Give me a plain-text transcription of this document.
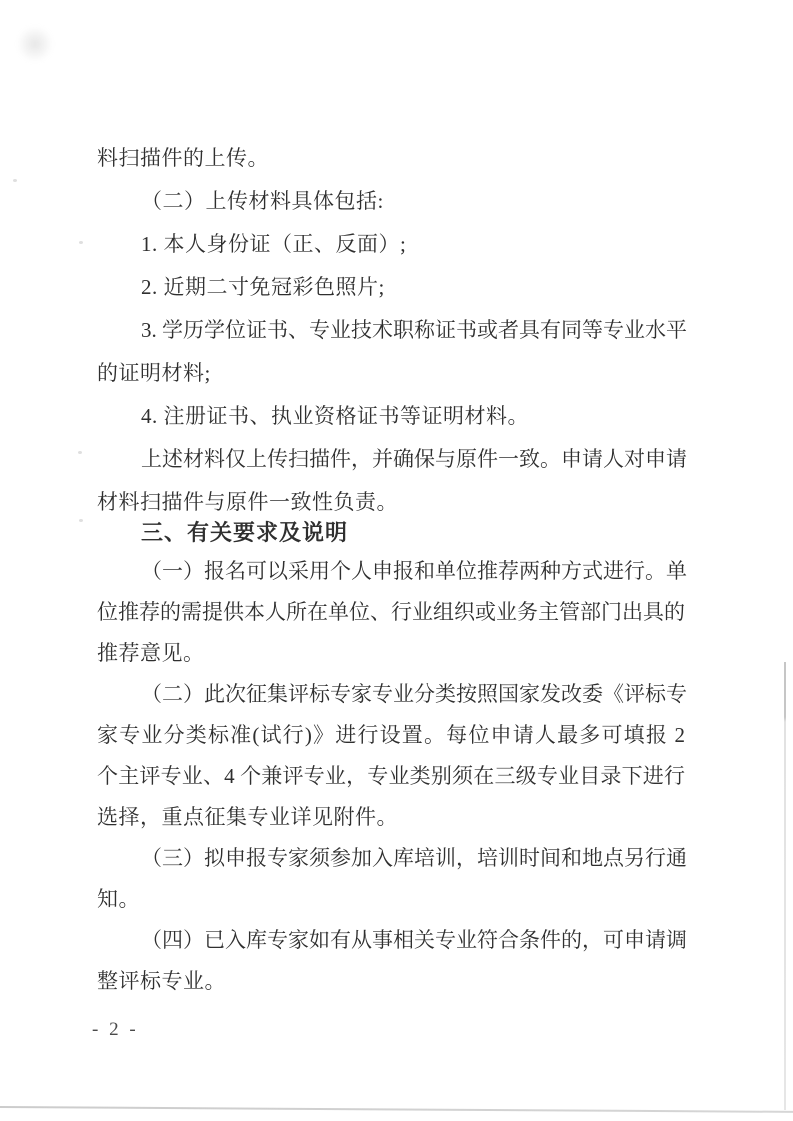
料扫描件的上传。
（二）上传材料具体包括:
1. 本人身份证（正、反面）;
2. 近期二寸免冠彩色照片;
3. 学历学位证书、专业技术职称证书或者具有同等专业水平
的证明材料;
4. 注册证书、执业资格证书等证明材料。
上述材料仅上传扫描件，并确保与原件一致。申请人对申请
材料扫描件与原件一致性负责。
三、有关要求及说明
（一）报名可以采用个人申报和单位推荐两种方式进行。单
位推荐的需提供本人所在单位、行业组织或业务主管部门出具的
推荐意见。
（二）此次征集评标专家专业分类按照国家发改委《评标专
家专业分类标准(试行)》进行设置。每位申请人最多可填报 2
个主评专业、4 个兼评专业，专业类别须在三级专业目录下进行
选择，重点征集专业详见附件。
（三）拟申报专家须参加入库培训，培训时间和地点另行通
知。
（四）已入库专家如有从事相关专业符合条件的，可申请调
整评标专业。
- 2 -
